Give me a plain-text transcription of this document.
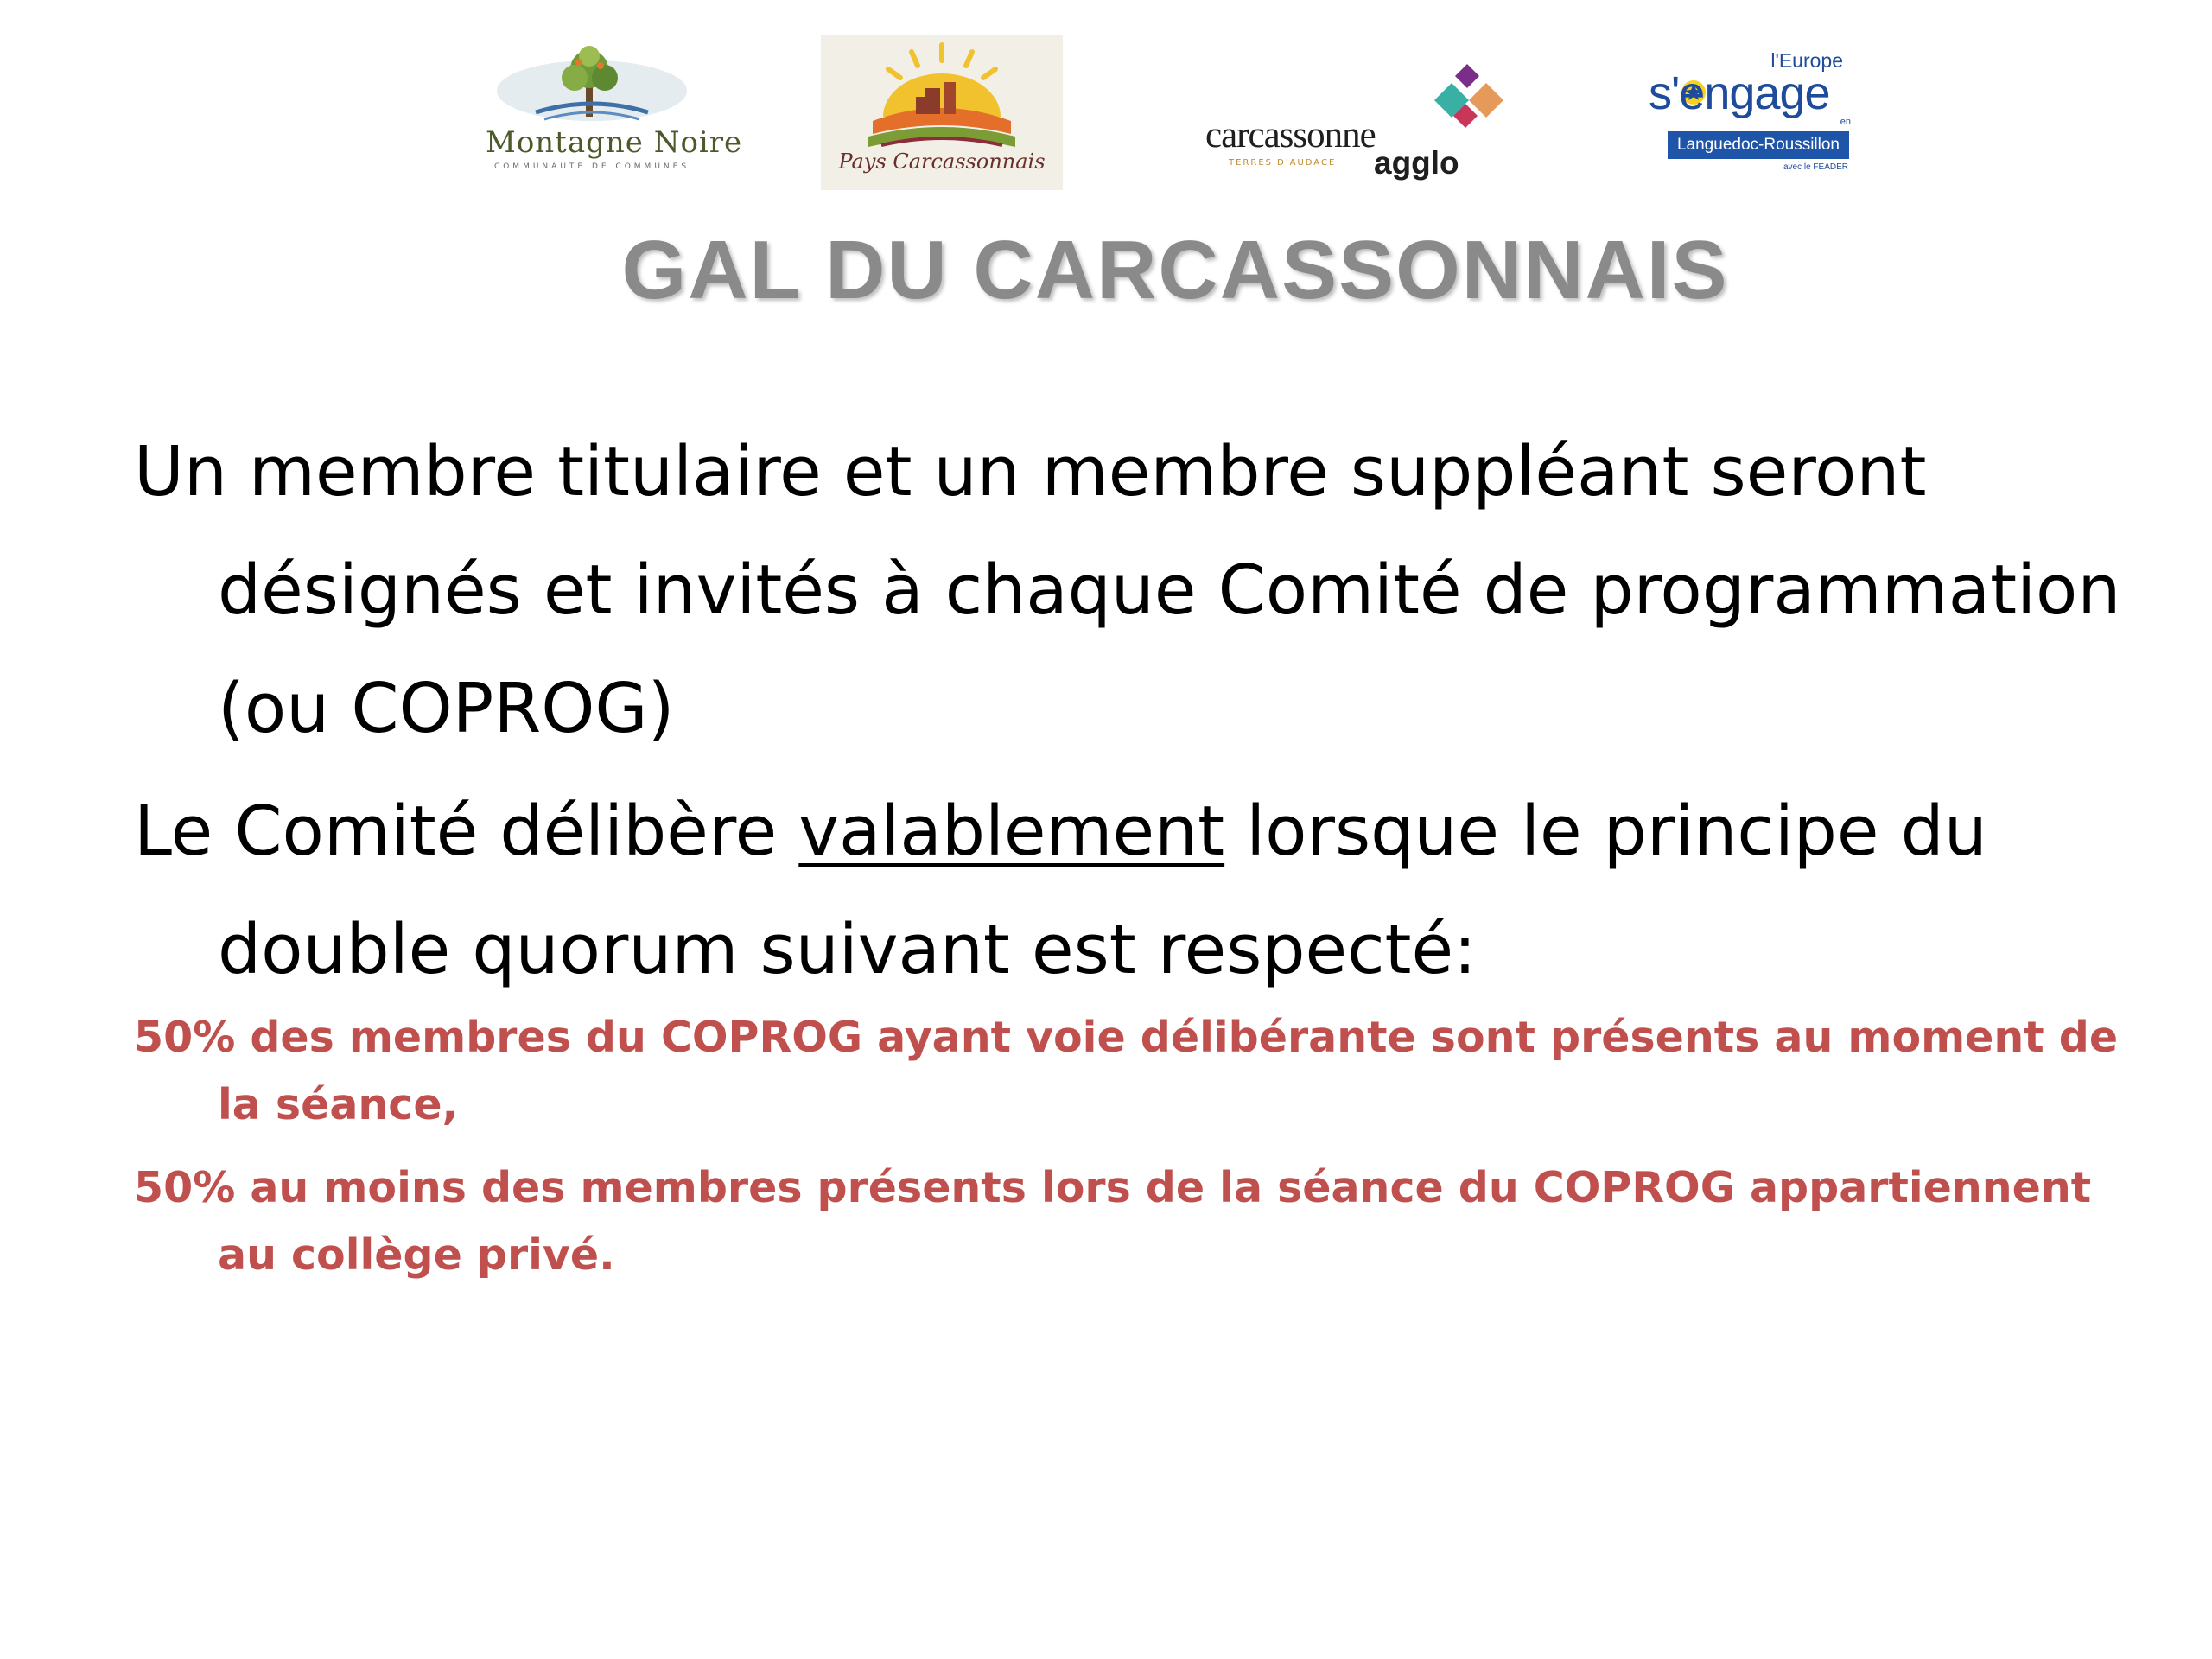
Montagne Noire
COMMUNAUTE DE COMMUNES	Pays Carcassonnais
carcassonne
TERRES D'AUDACE agglo
l'Europe
s'engage
en
Languedoc-Roussillon
avec le FEADER
GAL DU CARCASSONNAIS

Un membre titulaire et un membre suppléant seront désignés et invités à chaque Comité de programmation (ou COPROG)

Le Comité délibère valablement lorsque le principe du double quorum suivant est respecté:

50% des membres du COPROG ayant voie délibérante sont présents au moment de la séance,

50% au moins des membres présents lors de la séance du COPROG appartiennent au collège privé.
